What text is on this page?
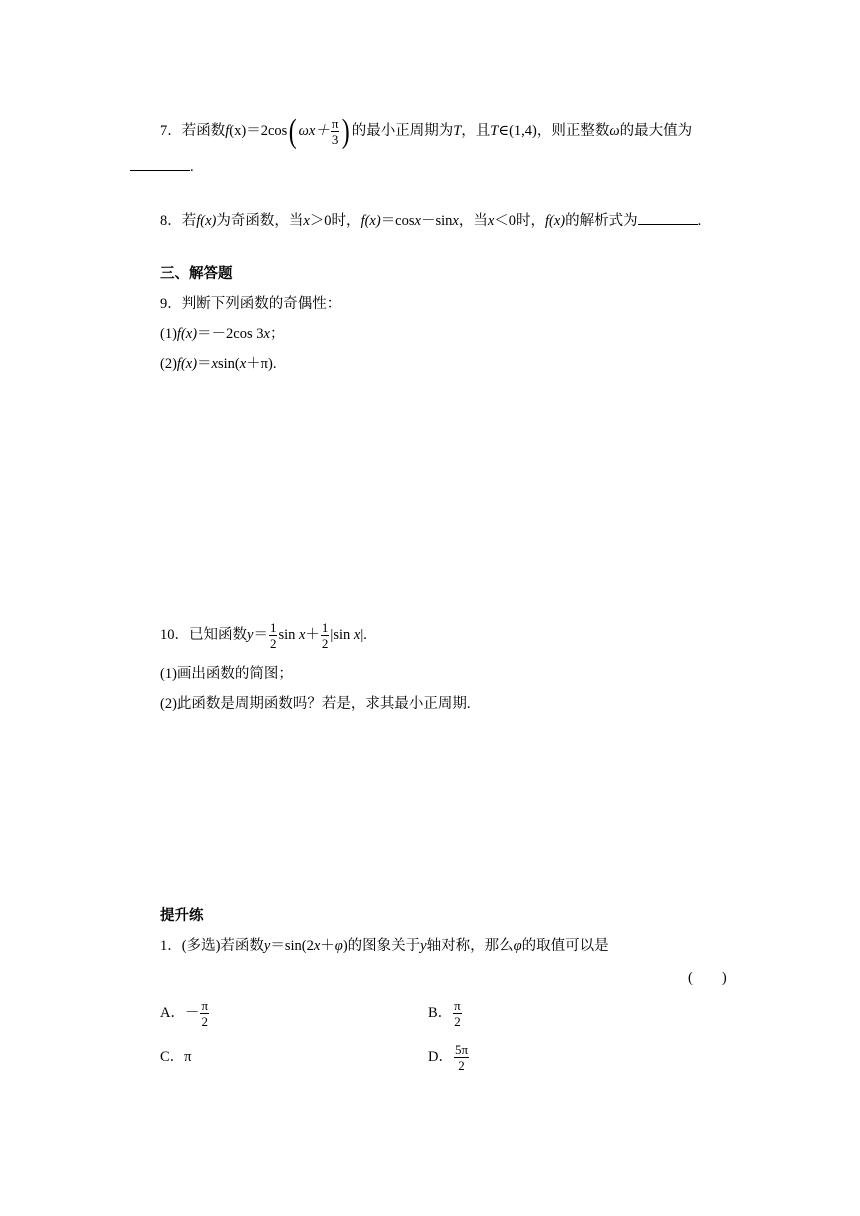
7．若函数f(x)＝2cos( $\omega x+ \frac{\pi}{3}$ ) 的最小正周期为T，且T∈(1,4)，则正整数ω的最大值为
.
8．若f(x)为奇函数，当x＞0时，f(x)＝cosx－sinx，当x＜0时，f(x)的解析式为	.
三、解答题
9．判断下列函数的奇偶性：
(1)f(x)＝－2cos 3x；
(2)f(x)＝xsin(x＋π).
10．已知函数$y= \frac{1}{2}$ $\sin x+ \frac{1}{2} |\sin$ x|.
(1)画出函数的简图；
(2)此函数是周期函数吗？若是，求其最小正周期.
提升练
1．(多选)若函数y＝sin(2x＋φ)的图象关于y轴对称，那么φ的取值可以是
(　　)
A．－ $\frac{\pi}{2}$	B． $\frac{\pi}{2}$
C．π	D． $\frac{5\pi}{2}$
